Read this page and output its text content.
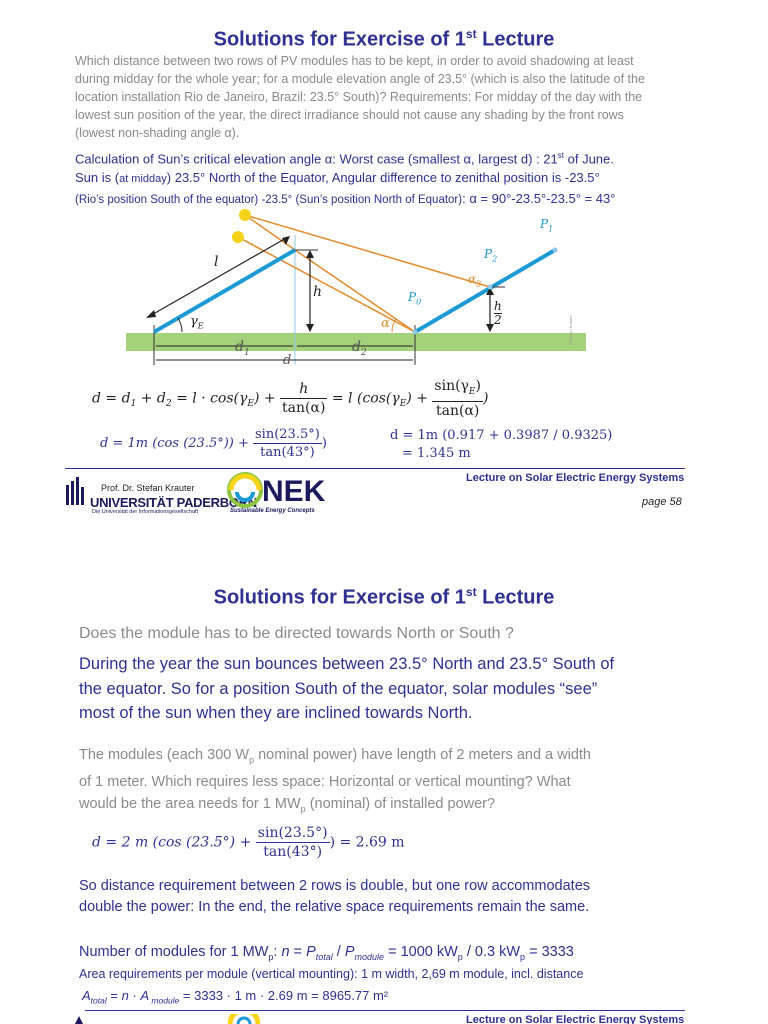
Solutions for Exercise of 1st Lecture
Which distance between two rows of PV modules has to be kept, in order to avoid shadowing at least
during midday for the whole year; for a module elevation angle of 23.5° (which is also the latitude of the
location installation Rio de Janeiro, Brazil: 23.5° South)? Requirements: For midday of the day with the
lowest sun position of the year, the direct irradiance should not cause any shading by the front rows
(lowest non-shading angle α).
Calculation of Sun’s critical elevation angle α: Worst case (smallest α, largest d) : 21st of June.
Sun is (at midday) 23.5° North of the Equator, Angular difference to zenithal position is -23.5°
(Rio’s position South of the equator) -23.5° (Sun’s position North of Equator): α = 90°-23.5°-23.5° = 43°
© Stefan Krauter
l
h
$\gamma_E$	α
$\alpha_2$
$P_0$
$P_1$
$P_2$
h
2
$d_1$	$d_2$
d
$d = d_1 + d_2 = l \cdot \cos(\gamma_E) + \frac{h}{\tan(\alpha)} = l$ ($\cos(\gamma_E) + \frac{\sin(\gamma_E)}{\tan(\alpha)}$ )
d = 1m (cos $(23.5^\circ)) + \frac{\sin(23.5^\circ)}{\tan(43^\circ)}$ )
d = 1m (0.917 + 0.3987 / 0.9325)
= 1.345 m
Lecture on Solar Electric Energy Systems
page 58
Prof. Dr. Stefan Krauter
UNIVERSITÄT PADERBORN
Die Universität der Informationsgesellschaft
NEK
Sustainable Energy Concepts
Solutions for Exercise of 1st Lecture
Does the module has to be directed towards North or South ?
During the year the sun bounces between 23.5° North and 23.5° South of
the equator. So for a position South of the equator, solar modules “see”
most of the sun when they are inclined towards North.
The modules (each 300 $W_p$ nominal power) have length of 2 meters and a width
of 1 meter. Which requires less space: Horizontal or vertical mounting? What
would be the area needs for 1 $MW_p$ (nominal) of installed power?
d = 2 m (cos $(23.5^\circ) + \frac{\sin(23.5^\circ)}{\tan(43^\circ)}$ ) = 2.69 m
So distance requirement between 2 rows is double, but one row accommodates
double the power: In the end, the relative space requirements remain the same.
Number of modules for 1 $MW_p$: $n = P_{total} / P_{module} = 1000$ $kW_p / 0.3$ $kW_p = 3333$
Area requirements per module (vertical mounting): 1 m width, 2,69 m module, incl. distance
$A_{total} = n \cdot A$ $_{module}$ = 3333 · 1 m · 2.69 m = 8965.77 m²
Lecture on Solar Electric Energy Systems
